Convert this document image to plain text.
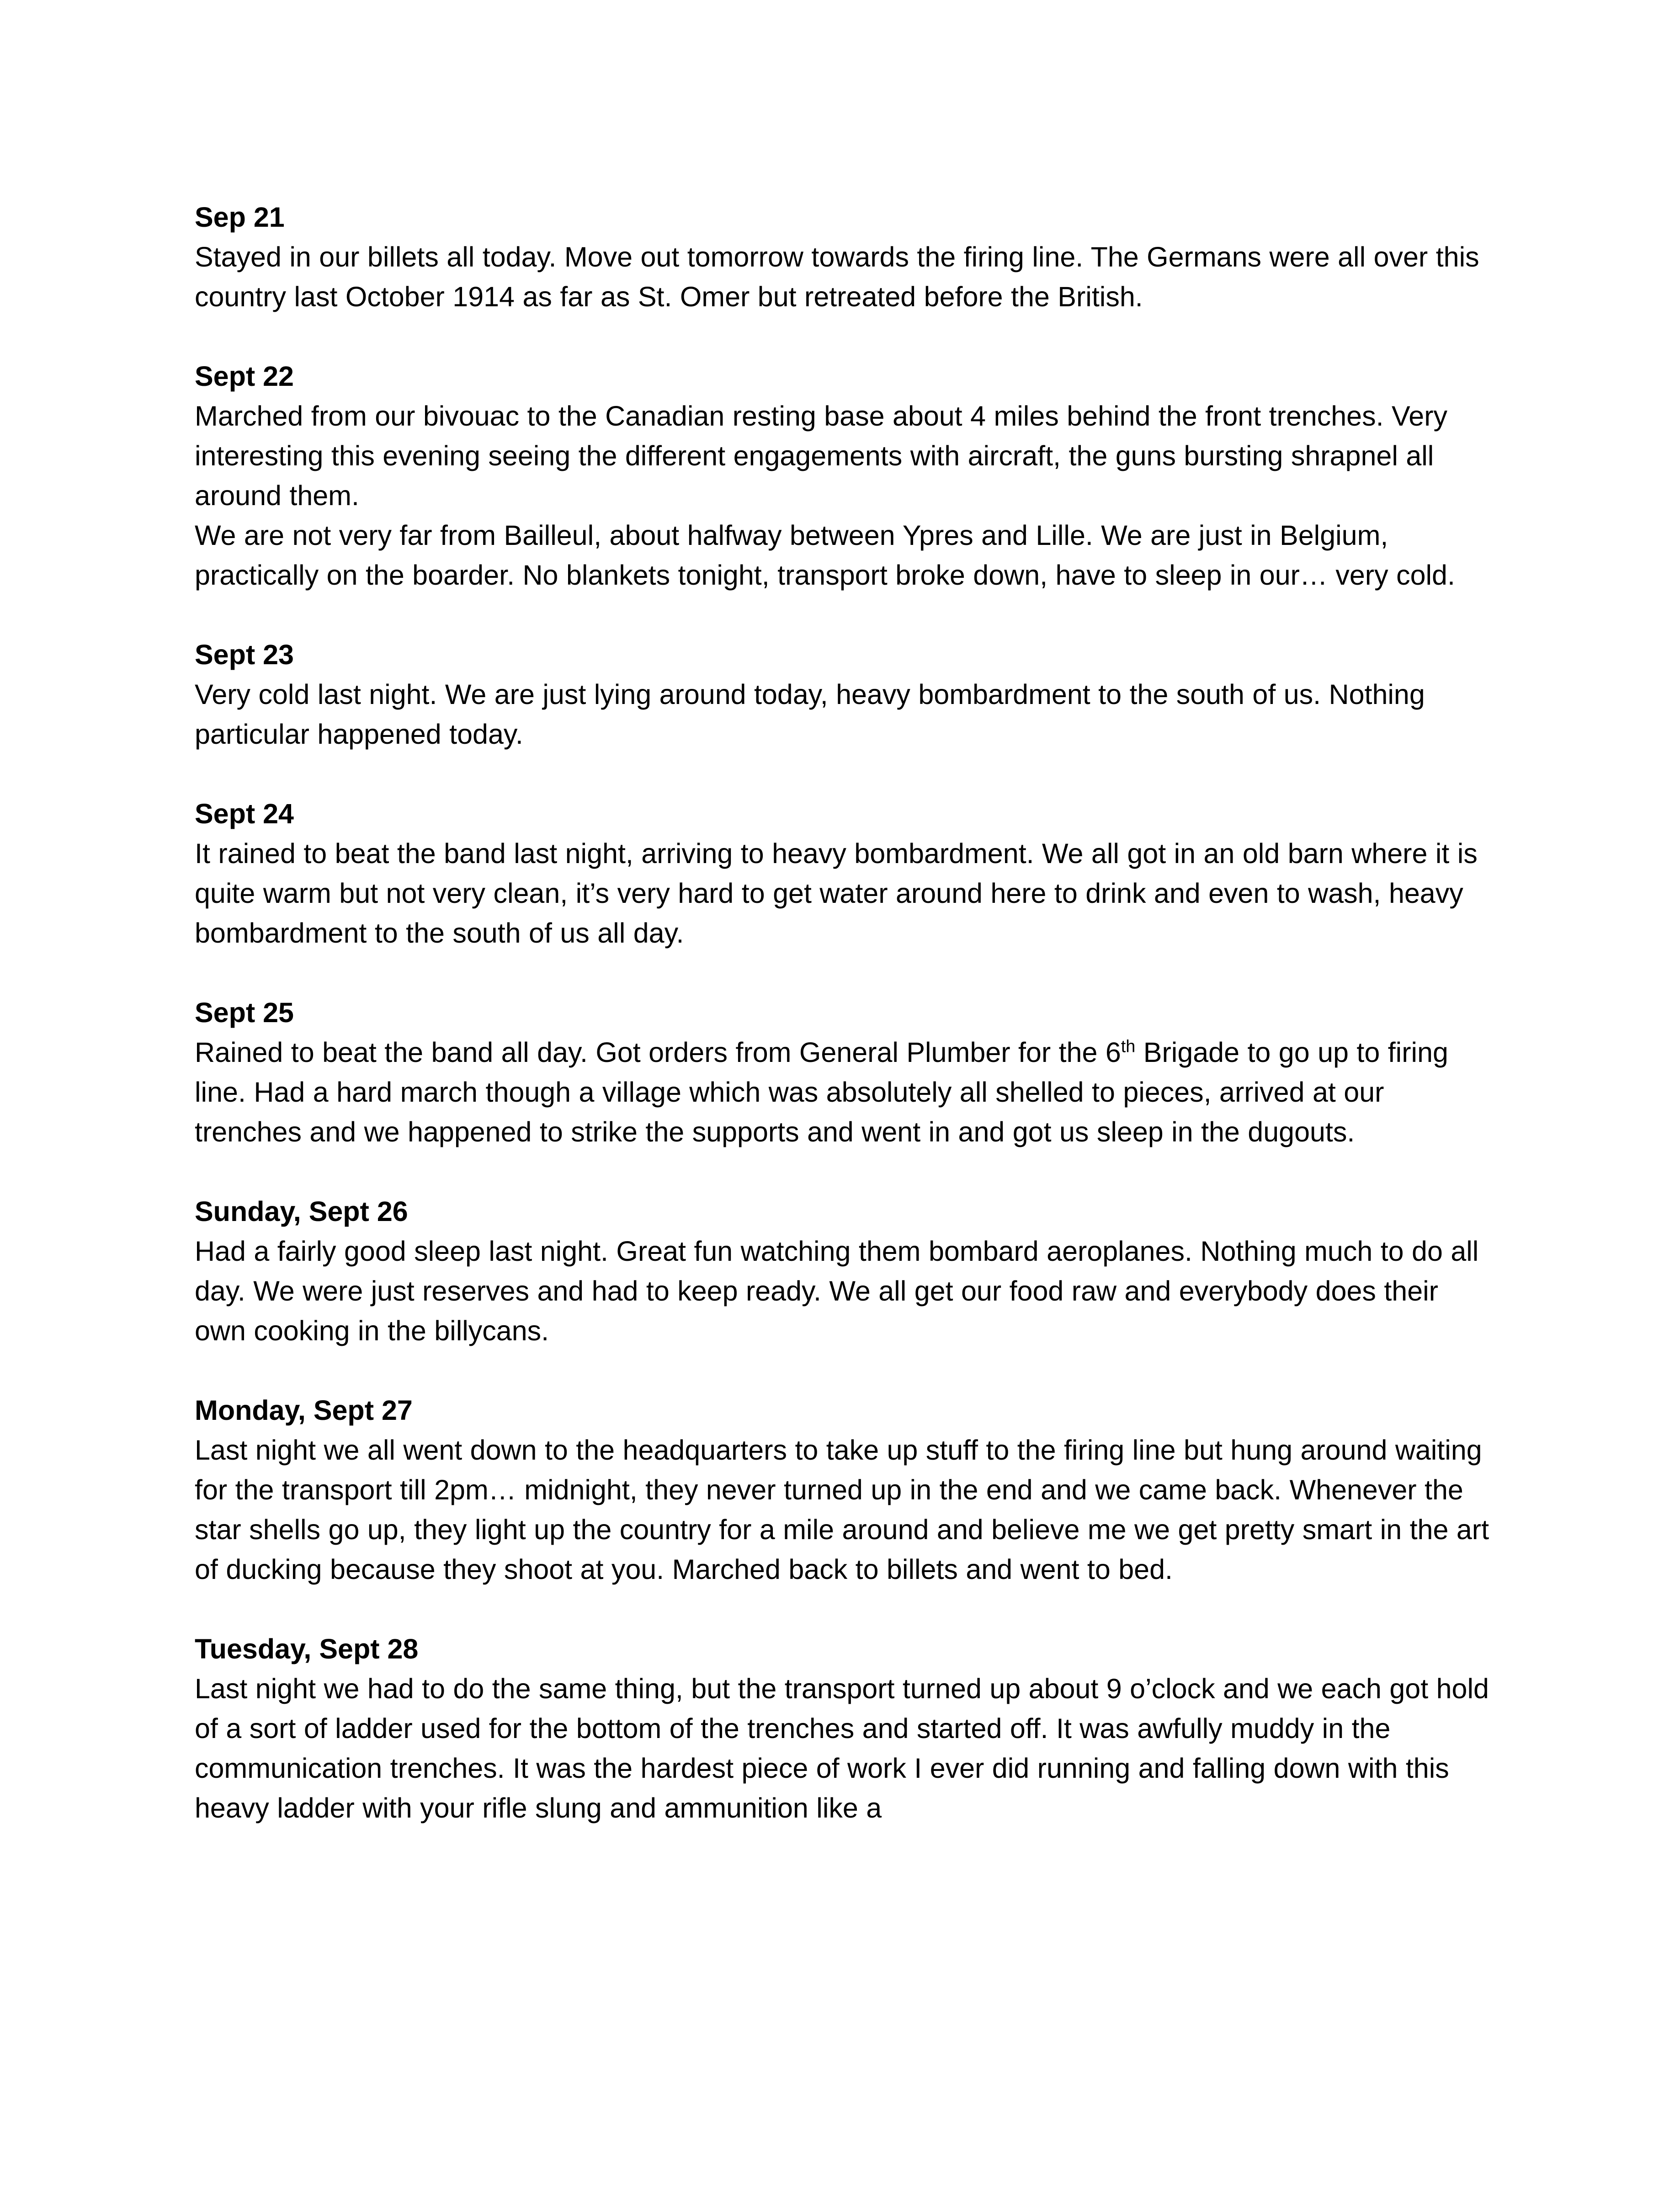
Sep 21

Stayed in our billets all today. Move out tomorrow towards the firing line. The Germans were all over this country last October 1914 as far as St. Omer but retreated before the British.

Sept 22

Marched from our bivouac to the Canadian resting base about 4 miles behind the front trenches. Very interesting this evening seeing the different engagements with aircraft, the guns bursting shrapnel all around them.

We are not very far from Bailleul, about halfway between Ypres and Lille. We are just in Belgium, practically on the boarder. No blankets tonight, transport broke down, have to sleep in our… very cold.

Sept 23

Very cold last night. We are just lying around today, heavy bombardment to the south of us. Nothing particular happened today.

Sept 24

It rained to beat the band last night, arriving to heavy bombardment. We all got in an old barn where it is quite warm but not very clean, it’s very hard to get water around here to drink and even to wash, heavy bombardment to the south of us all day.

Sept 25

Rained to beat the band all day. Got orders from General Plumber for the 6th Brigade to go up to firing line. Had a hard march though a village which was absolutely all shelled to pieces, arrived at our trenches and we happened to strike the supports and went in and got us sleep in the dugouts.

Sunday, Sept 26

Had a fairly good sleep last night. Great fun watching them bombard aeroplanes. Nothing much to do all day. We were just reserves and had to keep ready. We all get our food raw and everybody does their own cooking in the billycans.

Monday, Sept 27

Last night we all went down to the headquarters to take up stuff to the firing line but hung around waiting for the transport till 2pm… midnight, they never turned up in the end and we came back. Whenever the star shells go up, they light up the country for a mile around and believe me we get pretty smart in the art of ducking because they shoot at you. Marched back to billets and went to bed.

Tuesday, Sept 28

Last night we had to do the same thing, but the transport turned up about 9 o’clock and we each got hold of a sort of ladder used for the bottom of the trenches and started off. It was awfully muddy in the communication trenches. It was the hardest piece of work I ever did running and falling down with this heavy ladder with your rifle slung and ammunition like a
